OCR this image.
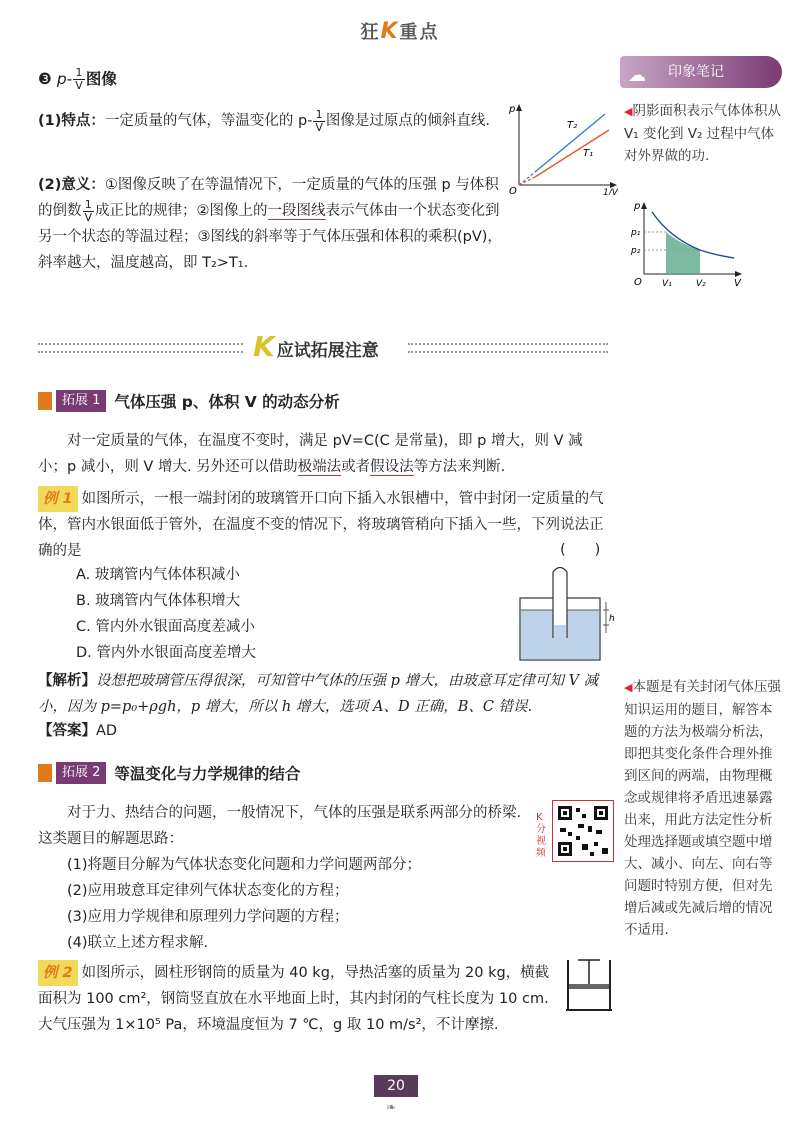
狂K重点
☁ 印象笔记
❸ $p- \frac{1}{V}$ 图像
(1)特点：一定质量的气体，等温变化的 $p- \frac{1}{V}$ 图像是过原点的倾斜直线.
(2)意义：①图像反映了在等温情况下，一定质量的气体的压强 p 与体积的倒数 $\frac{1}{V}$ 成正比的规律；②图像上的一段图线表示气体由一个状态变化到另一个状态的等温过程；③图线的斜率等于气体压强和体积的乘积(pV)，斜率越大，温度越高，即 T₂>T₁.
p
T₂
T₁
O	1/V
◀阴影面积表示气体体积从 V₁ 变化到 V₂ 过程中气体对外界做的功.
p
p₁
p₂
O V₁	V₂	V
K应试拓展注意
拓展 1 气体压强 p、体积 V 的动态分析
对一定质量的气体，在温度不变时，满足 pV=C(C 是常量)，即 p 增大，则 V 减小；p 减小，则 V 增大. 另外还可以借助极端法或者假设法等方法来判断.
例 1 如图所示，一根一端封闭的玻璃管开口向下插入水银槽中，管中封闭一定质量的气体，管内水银面低于管外，在温度不变的情况下，将玻璃管稍向下插入一些，下列说法正确的是	(　　)
A. 玻璃管内气体体积减小
B. 玻璃管内气体体积增大
C. 管内外水银面高度差减小
D. 管内外水银面高度差增大
h
【解析】设想把玻璃管压得很深，可知管中气体的压强 p 增大，由玻意耳定律可知 V 减小，因为 p=p₀+ρgh，p 增大，所以 h 增大，选项 A、D 正确，B、C 错误.
【答案】AD
◀本题是有关封闭气体压强知识运用的题目，解答本题的方法为极端分析法，即把其变化条件合理外推到区间的两端，由物理概念或规律将矛盾迅速暴露出来，用此方法定性分析处理选择题或填空题中增大、减小、向左、向右等问题时特别方便，但对先增后减或先减后增的情况不适用.
拓展 2 等温变化与力学规律的结合
对于力、热结合的问题，一般情况下，气体的压强是联系两部分的桥梁. 这类题目的解题思路：
(1)将题目分解为气体状态变化问题和力学问题两部分；
(2)应用玻意耳定律列气体状态变化的方程；
(3)应用力学规律和原理列力学问题的方程；
(4)联立上述方程求解.
K分视频
例 2 如图所示，圆柱形钢筒的质量为 40 kg，导热活塞的质量为 20 kg，横截面积为 100 cm²，钢筒竖直放在水平地面上时，其内封闭的气柱长度为 10 cm. 大气压强为 1×10⁵ Pa，环境温度恒为 7 ℃，g 取 10 m/s²，不计摩擦.
20
❧
